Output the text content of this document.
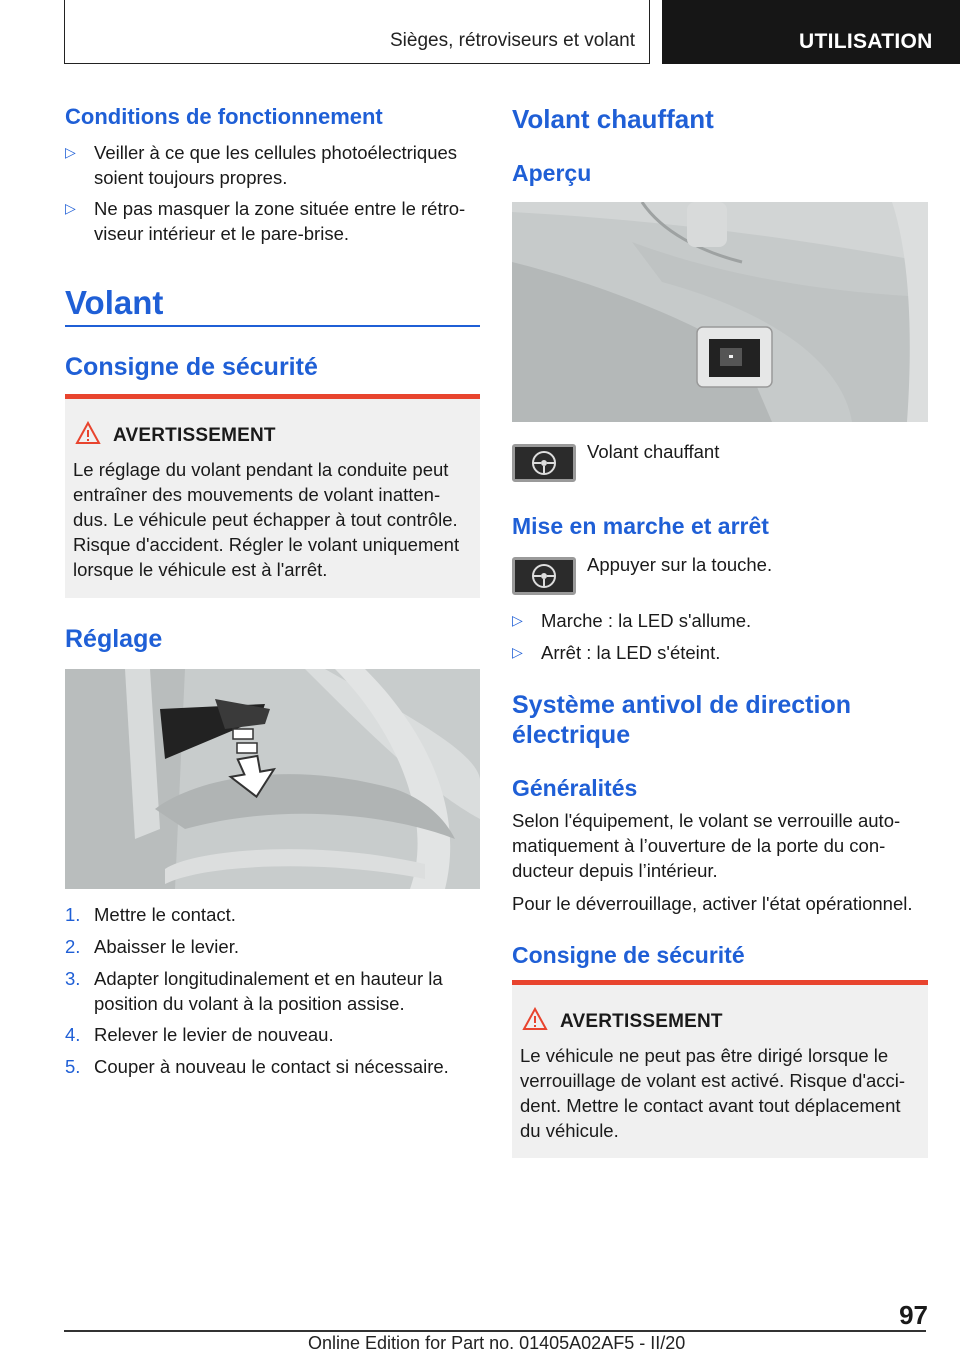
Sièges, rétroviseurs et volant	UTILISATION
Conditions de fonctionnement
▷ Veiller à ce que les cellules photoélectriques soient toujours propres.
▷ Ne pas masquer la zone située entre le rétro-viseur intérieur et le pare-brise.
Volant
Consigne de sécurité
AVERTISSEMENT
Le réglage du volant pendant la conduite peut entraîner des mouvements de volant inatten-dus. Le véhicule peut échapper à tout contrôle. Risque d'accident. Régler le volant uniquement lorsque le véhicule est à l'arrêt.
Réglage
1. Mettre le contact.
2. Abaisser le levier.
3. Adapter longitudinalement et en hauteur la position du volant à la position assise.
4. Relever le levier de nouveau.
5. Couper à nouveau le contact si nécessaire.
Volant chauffant
Aperçu
Volant chauffant
Mise en marche et arrêt
Appuyer sur la touche.
▷ Marche : la LED s'allume.
▷ Arrêt : la LED s'éteint.
Système antivol de direction électrique
Généralités
Selon l'équipement, le volant se verrouille auto-matiquement à l’ouverture de la porte du con-ducteur depuis l’intérieur.
Pour le déverrouillage, activer l'état opérationnel.
Consigne de sécurité
AVERTISSEMENT
Le véhicule ne peut pas être dirigé lorsque le verrouillage de volant est activé. Risque d'acci-dent. Mettre le contact avant tout déplacement du véhicule.
97
Online Edition for Part no. 01405A02AF5 - II/20
